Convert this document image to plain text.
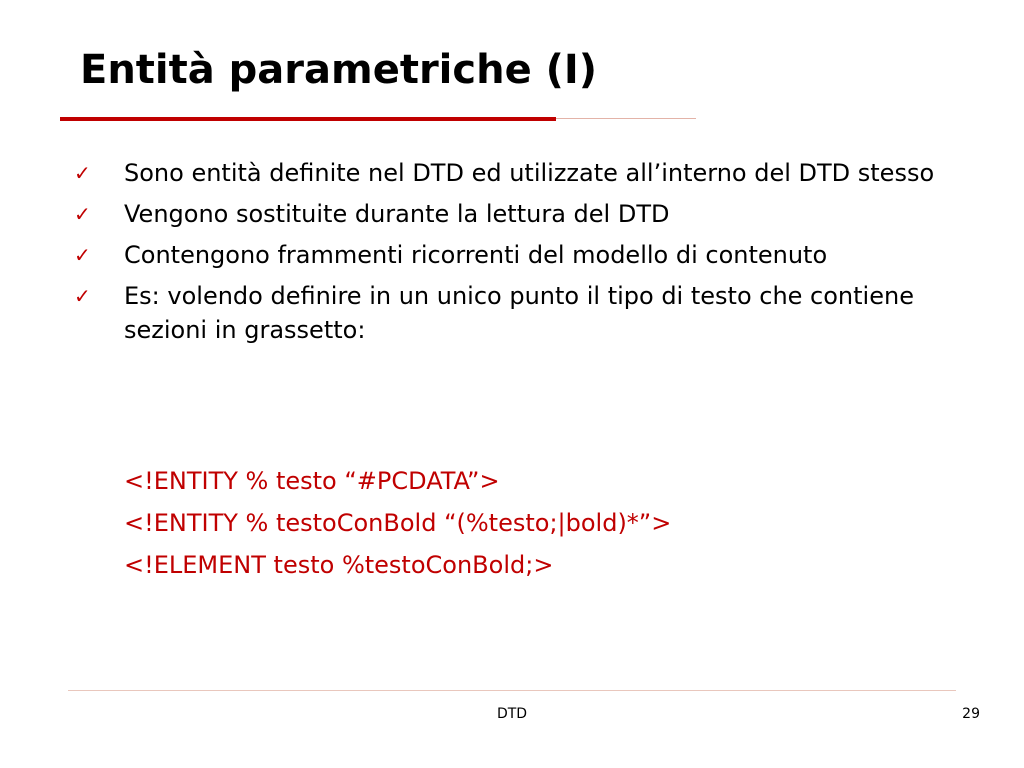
Entità parametriche (I)
✓ Sono entità definite nel DTD ed utilizzate all’interno del DTD stesso
✓ Vengono sostituite durante la lettura del DTD
✓ Contengono frammenti ricorrenti del modello di contenuto
✓ Es: volendo definire in un unico punto il tipo di testo che contiene sezioni in grassetto:
<!ENTITY % testo “#PCDATA”>
<!ENTITY % testoConBold “(%testo;|bold)*”>
<!ELEMENT testo %testoConBold;>
DTD	29
